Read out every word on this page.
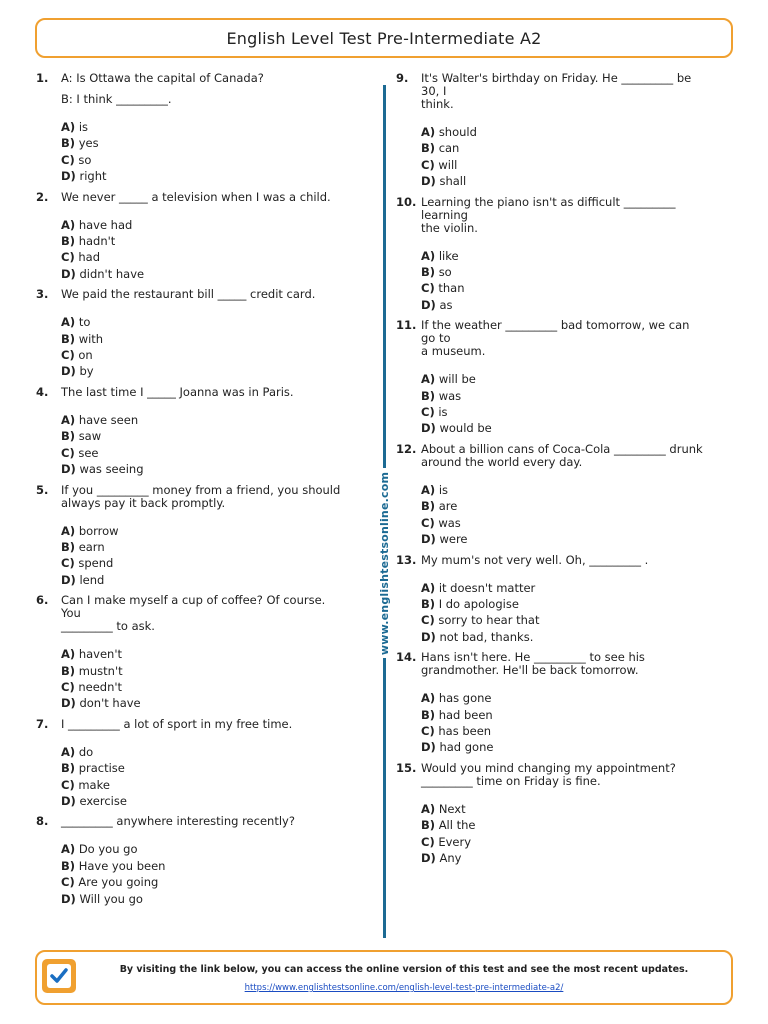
English Level Test Pre-Intermediate A2
1.	A: Is Ottawa the capital of Canada?
B: I think _________.
A) is
B) yes
C) so
D) right
2.	We never _____ a television when I was a child.
A) have had
B) hadn't
C) had
D) didn't have
3.	We paid the restaurant bill _____ credit card.
A) to
B) with
C) on
D) by
4.	The last time I _____ Joanna was in Paris.
A) have seen
B) saw
C) see
D) was seeing
5.	If you _________ money from a friend, you should
always pay it back promptly.
A) borrow
B) earn
C) spend
D) lend
6.	Can I make myself a cup of coffee? Of course. You
_________ to ask.
A) haven't
B) mustn't
C) needn't
D) don't have
7.	I _________ a lot of sport in my free time.
A) do
B) practise
C) make
D) exercise
8.	_________ anywhere interesting recently?
A) Do you go
B) Have you been
C) Are you going
D) Will you go
www.englishtestsonline.com
9.	It's Walter's birthday on Friday. He _________ be 30, I
think.
A) should
B) can
C) will
D) shall
10. Learning the piano isn't as difficult _________ learning
the violin.
A) like
B) so
C) than
D) as
11. If the weather _________ bad tomorrow, we can go to
a museum.
A) will be
B) was
C) is
D) would be
12. About a billion cans of Coca-Cola _________ drunk
around the world every day.
A) is
B) are
C) was
D) were
13. My mum's not very well. Oh, _________ .
A) it doesn't matter
B) I do apologise
C) sorry to hear that
D) not bad, thanks.
14. Hans isn't here. He _________ to see his
grandmother. He'll be back tomorrow.
A) has gone
B) had been
C) has been
D) had gone
15. Would you mind changing my appointment?
_________ time on Friday is fine.
A) Next
B) All the
C) Every
D) Any
By visiting the link below, you can access the online version of this test and see the most recent updates.
https://www.englishtestsonline.com/english-level-test-pre-intermediate-a2/
